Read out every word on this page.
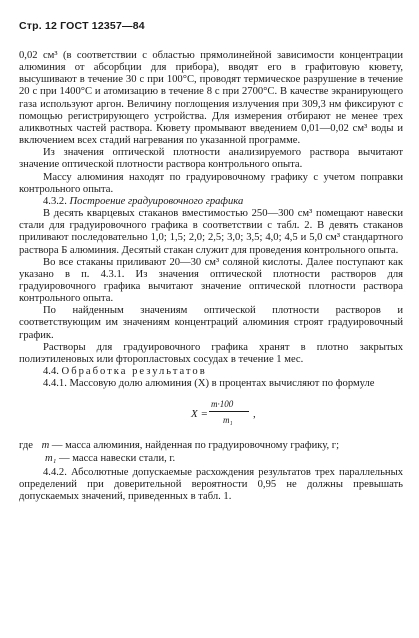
Стр. 12 ГОСТ 12357—84

0,02 см³ (в соответствии с областью прямолинейной зависимости концентрации алюминия от абсорбции для прибора), вводят его в графитовую кювету, высушивают в течение 30 с при 100°С, проводят термическое разрушение в течение 20 с при 1400°С и атомизацию в течение 8 с при 2700°С. В качестве экранирующего газа используют аргон. Величину поглощения излучения при 309,3 нм фиксируют с помощью регистрирующего устройства. Для измерения отбирают не менее трех аликвотных частей раствора. Кювету промывают введением 0,01—0,02 см³ воды и включением всех стадий нагревания по указанной программе.

Из значения оптической плотности анализируемого раствора вычитают значение оптической плотности раствора контрольного опыта.

Массу алюминия находят по градуировочному графику с учетом поправки контрольного опыта.

4.3.2. Построение градуировочного графика

В десять кварцевых стаканов вместимостью 250—300 см³ помещают навески стали для градуировочного графика в соответствии с табл. 2. В девять стаканов приливают последовательно 1,0; 1,5; 2,0; 2,5; 3,0; 3,5; 4,0; 4,5 и 5,0 см³ стандартного раствора Б алюминия. Десятый стакан служит для проведения контрольного опыта.

Во все стаканы приливают 20—30 см³ соляной кислоты. Далее поступают как указано в п. 4.3.1. Из значения оптической плотности растворов для градуировочного графика вычитают значение оптической плотности раствора контрольного опыта.

По найденным значениям оптической плотности растворов и соответствующим им значениям концентраций алюминия строят градуировочный график.

Растворы для градуировочного графика хранят в плотно закрытых полиэтиленовых или фторопластовых сосудах в течение 1 мес.

4.4. Обработка результатов

4.4.1. Массовую долю алюминия (X) в процентах вычисляют по формуле

X =
m·100
m₁ ,
где m — масса алюминия, найденная по градуировочному графику, г;
m₁ — масса навески стали, г.

4.4.2. Абсолютные допускаемые расхождения результатов трех параллельных определений при доверительной вероятности 0,95 не должны превышать допускаемых значений, приведенных в табл. 1.
